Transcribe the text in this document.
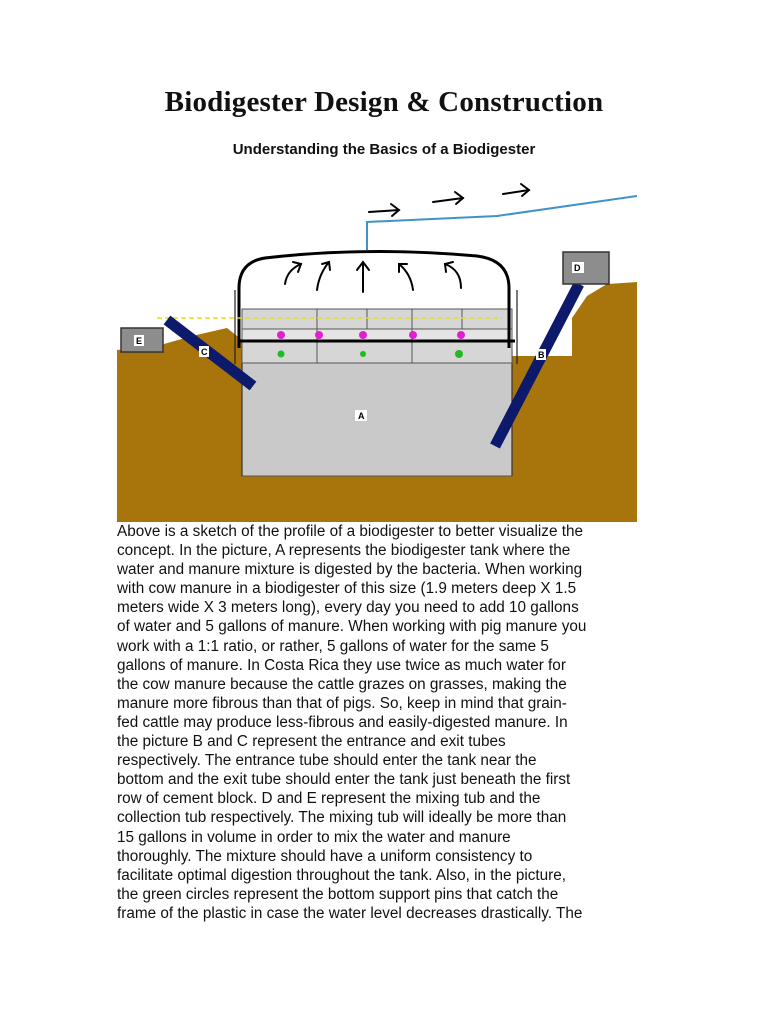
Biodigester Design & Construction
Understanding the Basics of a Biodigester
A
B
C
D
E
Above is a sketch of the profile of a biodigester to better visualize the
concept. In the picture, A represents the biodigester tank where the
water and manure mixture is digested by the bacteria. When working
with cow manure in a biodigester of this size (1.9 meters deep X 1.5
meters wide X 3 meters long), every day you need to add 10 gallons
of water and 5 gallons of manure. When working with pig manure you
work with a 1:1 ratio, or rather, 5 gallons of water for the same 5
gallons of manure. In Costa Rica they use twice as much water for
the cow manure because the cattle grazes on grasses, making the
manure more fibrous than that of pigs. So, keep in mind that grain-
fed cattle may produce less-fibrous and easily-digested manure. In
the picture B and C represent the entrance and exit tubes
respectively. The entrance tube should enter the tank near the
bottom and the exit tube should enter the tank just beneath the first
row of cement block. D and E represent the mixing tub and the
collection tub respectively. The mixing tub will ideally be more than
15 gallons in volume in order to mix the water and manure
thoroughly. The mixture should have a uniform consistency to
facilitate optimal digestion throughout the tank. Also, in the picture,
the green circles represent the bottom support pins that catch the
frame of the plastic in case the water level decreases drastically. The
